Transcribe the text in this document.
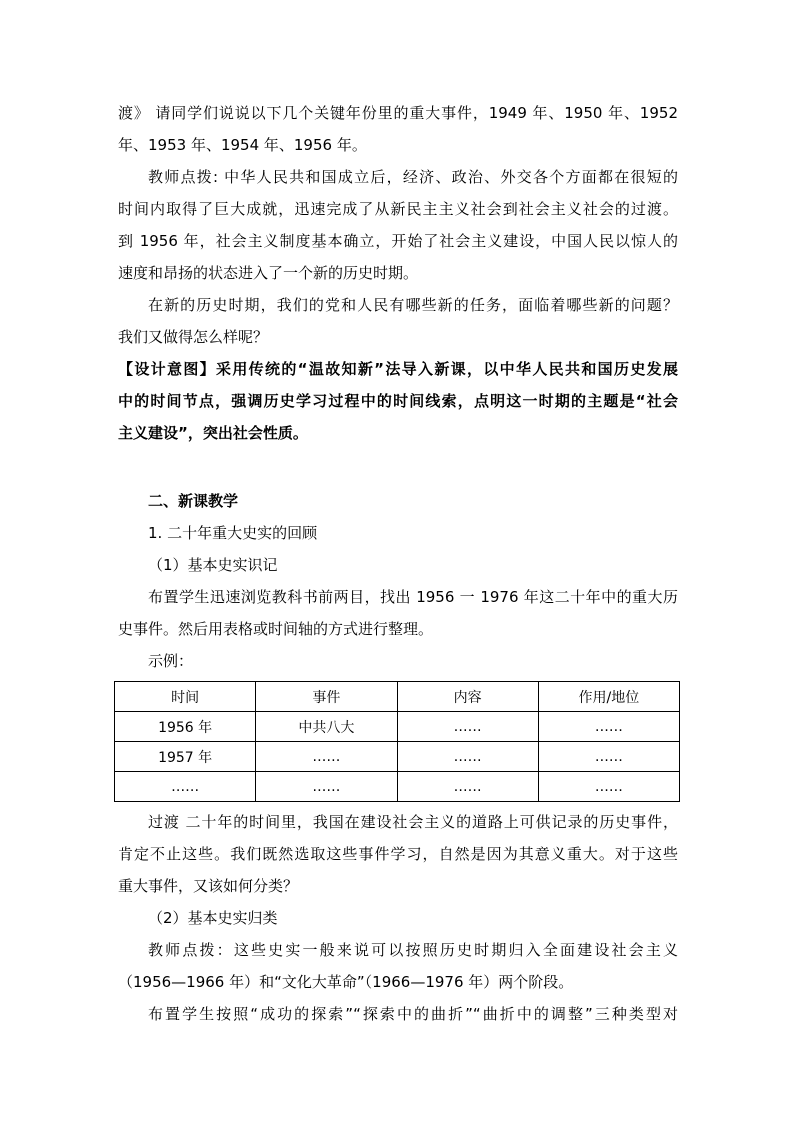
渡》 请同学们说说以下几个关键年份里的重大事件，1949 年、1950 年、1952
年、1953 年、1954 年、1956 年。
教师点拨: 中华人民共和国成立后，经济、政治、外交各个方面都在很短的
时间内取得了巨大成就，迅速完成了从新民主主义社会到社会主义社会的过渡。
到 1956 年，社会主义制度基本确立，开始了社会主义建设，中国人民以惊人的
速度和昂扬的状态进入了一个新的历史时期。
在新的历史时期，我们的党和人民有哪些新的任务，面临着哪些新的问题？
我们又做得怎么样呢？
【设计意图】采用传统的“温故知新”法导入新课，以中华人民共和国历史发展
中的时间节点，强调历史学习过程中的时间线索，点明这一时期的主题是“社会
主义建设”，突出社会性质。
二、新课教学
1. 二十年重大史实的回顾
（1）基本史实识记
布置学生迅速浏览教科书前两目，找出 1956 一 1976 年这二十年中的重大历
史事件。然后用表格或时间轴的方式进行整理。
示例：
时间	事件	内容	作用/地位
1956 年	中共八大	……	……
1957 年	……	……	……
……	……	……	……
过渡 二十年的时间里，我国在建设社会主义的道路上可供记录的历史事件，
肯定不止这些。我们既然选取这些事件学习，自然是因为其意义重大。对于这些
重大事件，又该如何分类？
（2）基本史实归类
教师点拨：这些史实一般来说可以按照历史时期归入全面建设社会主义
（1956—1966 年）和“文化大革命”（1966—1976 年）两个阶段。
布置学生按照“成功的探索”“探索中的曲折”“曲折中的调整”三种类型对
